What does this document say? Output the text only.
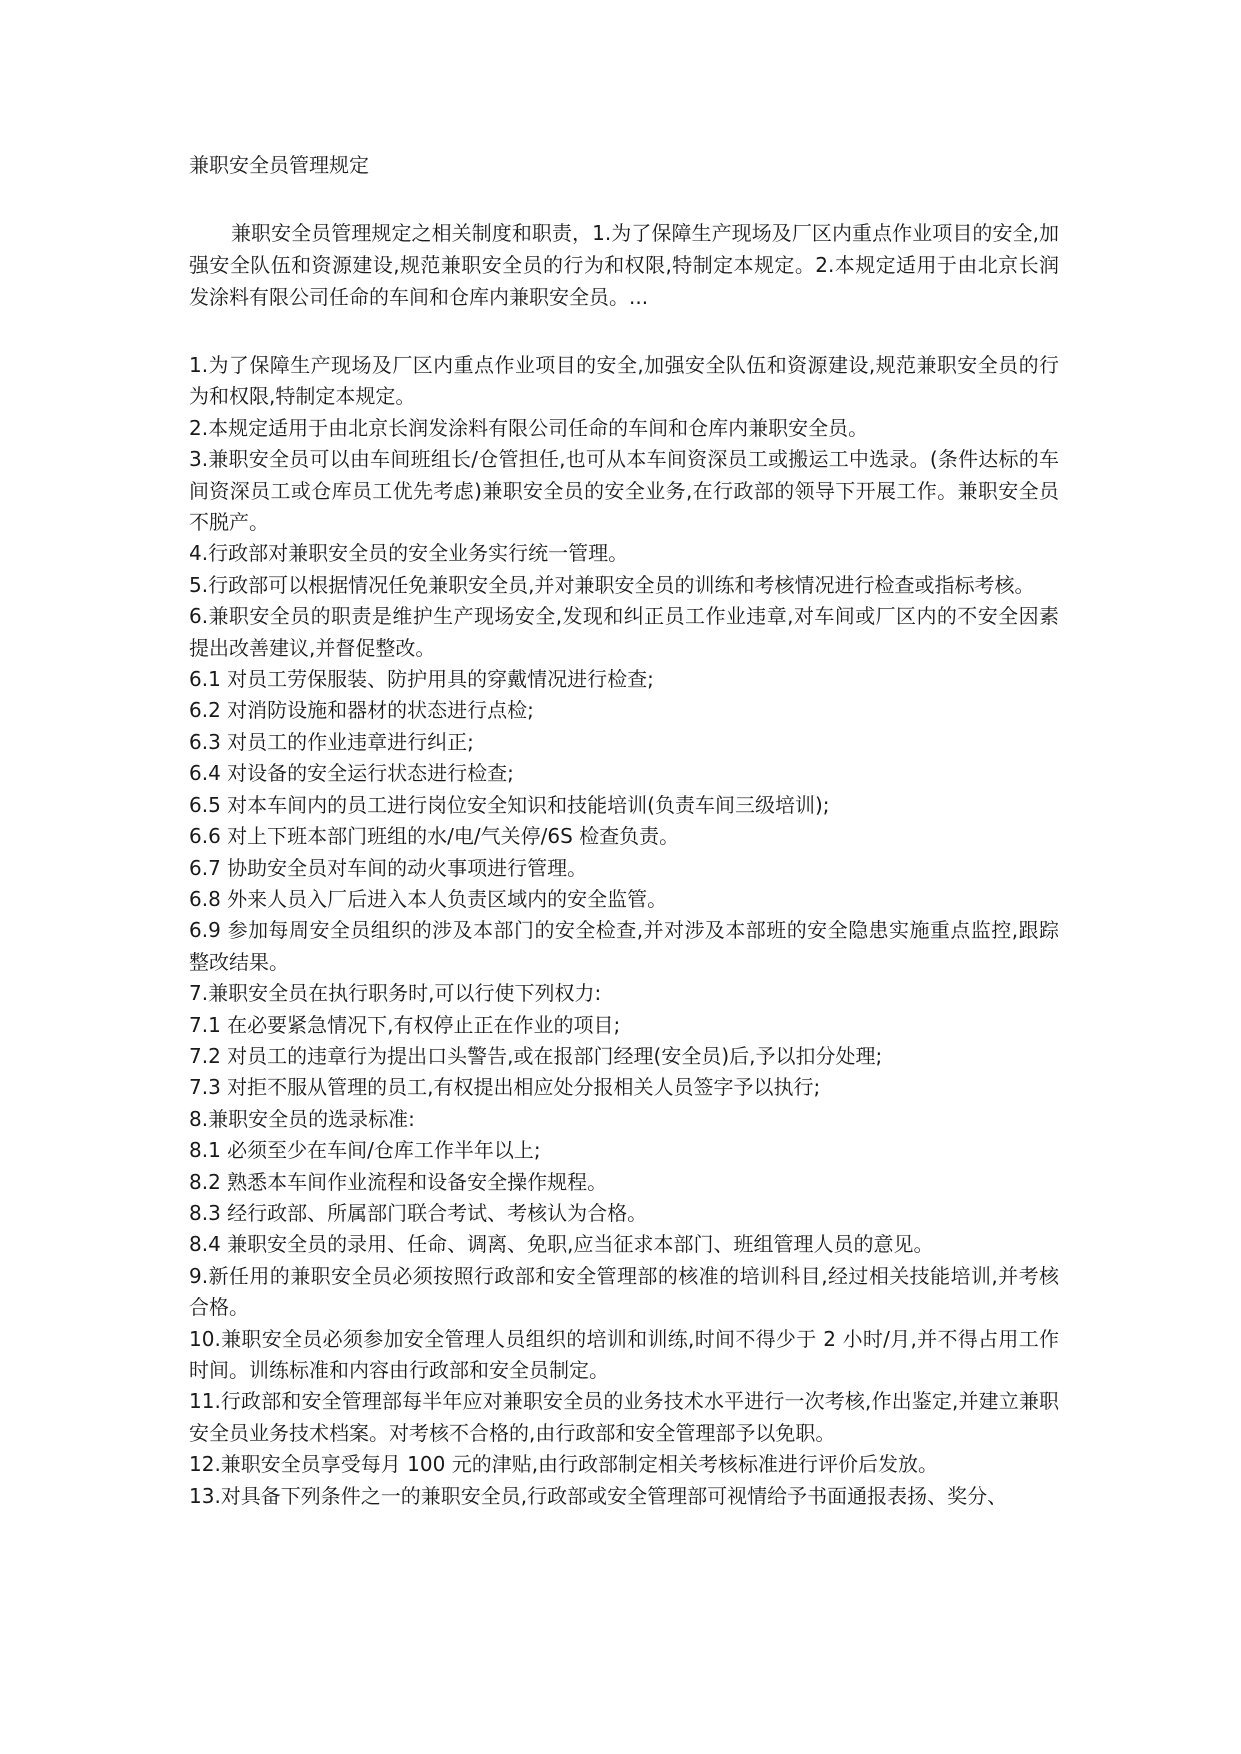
兼职安全员管理规定

兼职安全员管理规定之相关制度和职责，1.为了保障生产现场及厂区内重点作业项目的安全,加强安全队伍和资源建设,规范兼职安全员的行为和权限,特制定本规定。2.本规定适用于由北京长润发涂料有限公司任命的车间和仓库内兼职安全员。...

1.为了保障生产现场及厂区内重点作业项目的安全,加强安全队伍和资源建设,规范兼职安全员的行为和权限,特制定本规定。
2.本规定适用于由北京长润发涂料有限公司任命的车间和仓库内兼职安全员。
3.兼职安全员可以由车间班组长/仓管担任,也可从本车间资深员工或搬运工中选录。(条件达标的车间资深员工或仓库员工优先考虑)兼职安全员的安全业务,在行政部的领导下开展工作。兼职安全员不脱产。
4.行政部对兼职安全员的安全业务实行统一管理。
5.行政部可以根据情况任免兼职安全员,并对兼职安全员的训练和考核情况进行检查或指标考核。
6.兼职安全员的职责是维护生产现场安全,发现和纠正员工作业违章,对车间或厂区内的不安全因素提出改善建议,并督促整改。
6.1 对员工劳保服装、防护用具的穿戴情况进行检查;
6.2 对消防设施和器材的状态进行点检;
6.3 对员工的作业违章进行纠正;
6.4 对设备的安全运行状态进行检查;
6.5 对本车间内的员工进行岗位安全知识和技能培训(负责车间三级培训);
6.6 对上下班本部门班组的水/电/气关停/6S 检查负责。
6.7 协助安全员对车间的动火事项进行管理。
6.8 外来人员入厂后进入本人负责区域内的安全监管。
6.9 参加每周安全员组织的涉及本部门的安全检查,并对涉及本部班的安全隐患实施重点监控,跟踪整改结果。
7.兼职安全员在执行职务时,可以行使下列权力:
7.1 在必要紧急情况下,有权停止正在作业的项目;
7.2 对员工的违章行为提出口头警告,或在报部门经理(安全员)后,予以扣分处理;
7.3 对拒不服从管理的员工,有权提出相应处分报相关人员签字予以执行;
8.兼职安全员的选录标准:
8.1 必须至少在车间/仓库工作半年以上;
8.2 熟悉本车间作业流程和设备安全操作规程。
8.3 经行政部、所属部门联合考试、考核认为合格。
8.4 兼职安全员的录用、任命、调离、免职,应当征求本部门、班组管理人员的意见。
9.新任用的兼职安全员必须按照行政部和安全管理部的核准的培训科目,经过相关技能培训,并考核合格。
10.兼职安全员必须参加安全管理人员组织的培训和训练,时间不得少于 2 小时/月,并不得占用工作时间。训练标准和内容由行政部和安全员制定。
11.行政部和安全管理部每半年应对兼职安全员的业务技术水平进行一次考核,作出鉴定,并建立兼职安全员业务技术档案。对考核不合格的,由行政部和安全管理部予以免职。
12.兼职安全员享受每月 100 元的津贴,由行政部制定相关考核标准进行评价后发放。
13.对具备下列条件之一的兼职安全员,行政部或安全管理部可视情给予书面通报表扬、奖分、
